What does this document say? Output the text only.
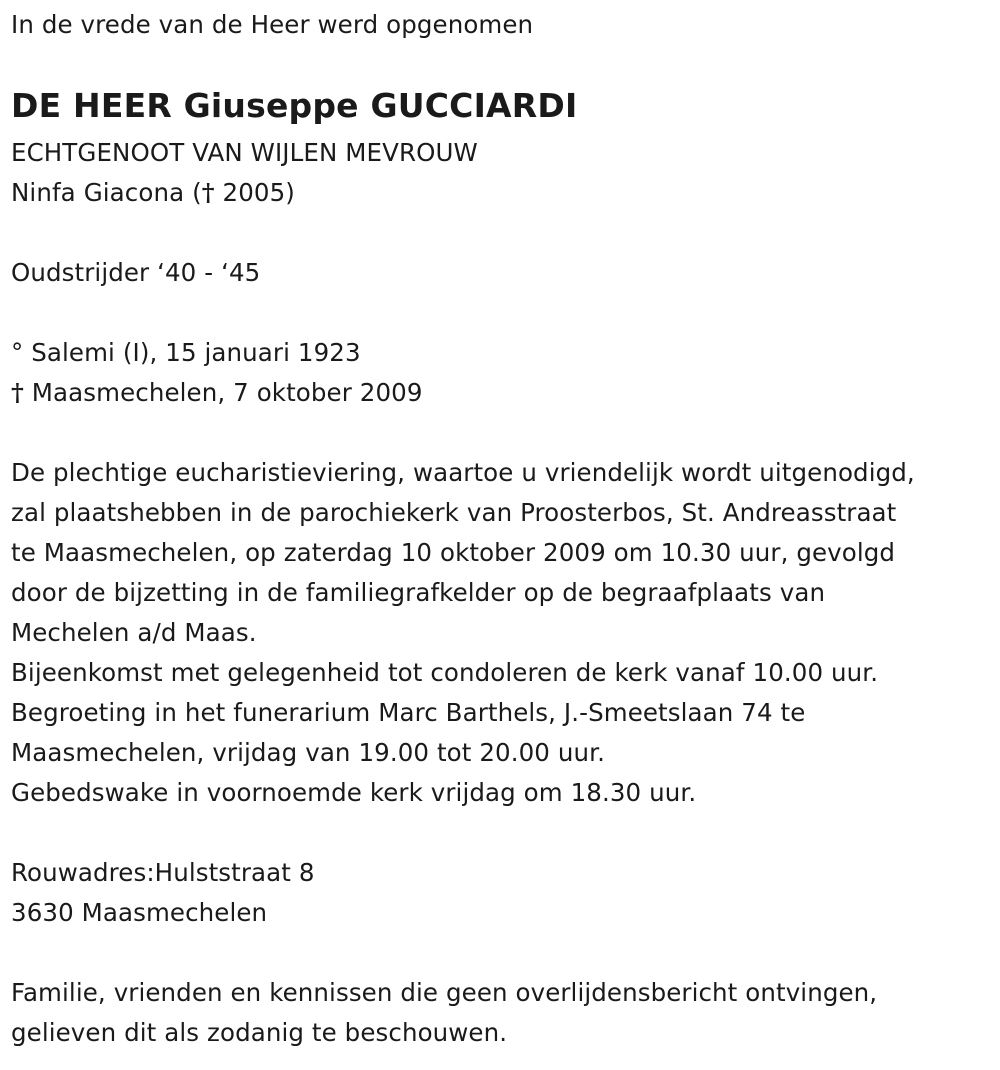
In de vrede van de Heer werd opgenomen
DE HEER Giuseppe GUCCIARDI
ECHTGENOOT VAN WIJLEN MEVROUW
Ninfa Giacona († 2005)
Oudstrijder ‘40 - ‘45
° Salemi (I), 15 januari 1923
† Maasmechelen, 7 oktober 2009
De plechtige eucharistieviering, waartoe u vriendelijk wordt uitgenodigd,
zal plaatshebben in de parochiekerk van Proosterbos, St. Andreasstraat
te Maasmechelen, op zaterdag 10 oktober 2009 om 10.30 uur, gevolgd
door de bijzetting in de familiegrafkelder op de begraafplaats van
Mechelen a/d Maas.
Bijeenkomst met gelegenheid tot condoleren de kerk vanaf 10.00 uur.
Begroeting in het funerarium Marc Barthels, J.-Smeetslaan 74 te
Maasmechelen, vrijdag van 19.00 tot 20.00 uur.
Gebedswake in voornoemde kerk vrijdag om 18.30 uur.
Rouwadres:Hulststraat 8
3630 Maasmechelen
Familie, vrienden en kennissen die geen overlijdensbericht ontvingen,
gelieven dit als zodanig te beschouwen.
